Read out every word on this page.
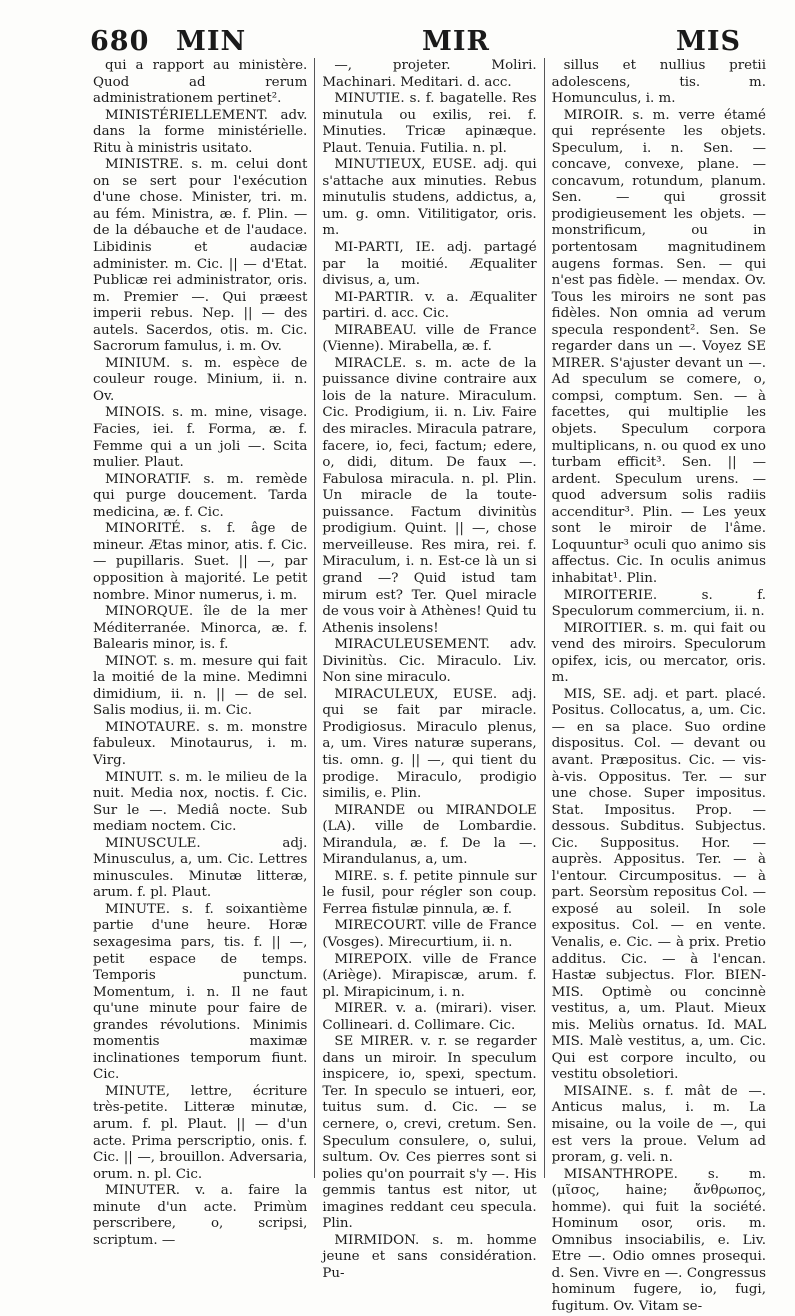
680 MIN	MIR	MIS

qui a rapport au ministère. Quod ad rerum administrationem pertinet².

MINISTÉRIELLEMENT. adv. dans la forme ministérielle. Ritu à ministris usitato.

MINISTRE. s. m. celui dont on se sert pour l'exécution d'une chose. Minister, tri. m. au fém. Ministra, æ. f. Plin. — de la débauche et de l'audace. Libidinis et audaciæ administer. m. Cic. || — d'Etat. Publicæ rei administrator, oris. m. Premier —. Qui præest imperii rebus. Nep. || — des autels. Sacerdos, otis. m. Cic. Sacrorum famulus, i. m. Ov.

MINIUM. s. m. espèce de couleur rouge. Minium, ii. n. Ov.

MINOIS. s. m. mine, visage. Facies, iei. f. Forma, æ. f. Femme qui a un joli —. Scita mulier. Plaut.

MINORATIF. s. m. remède qui purge doucement. Tarda medicina, æ. f. Cic.

MINORITÉ. s. f. âge de mineur. Ætas minor, atis. f. Cic. — pupillaris. Suet. || —, par opposition à majorité. Le petit nombre. Minor numerus, i. m.

MINORQUE. île de la mer Méditerranée. Minorca, æ. f. Balearis minor, is. f.

MINOT. s. m. mesure qui fait la moitié de la mine. Medimni dimidium, ii. n. || — de sel. Salis modius, ii. m. Cic.

MINOTAURE. s. m. monstre fabuleux. Minotaurus, i. m. Virg.

MINUIT. s. m. le milieu de la nuit. Media nox, noctis. f. Cic. Sur le —. Mediâ nocte. Sub mediam noctem. Cic.

MINUSCULE. adj. Minusculus, a, um. Cic. Lettres minuscules. Minutæ litteræ, arum. f. pl. Plaut.

MINUTE. s. f. soixantième partie d'une heure. Horæ sexagesima pars, tis. f. || —, petit espace de temps. Temporis punctum. Momentum, i. n. Il ne faut qu'une minute pour faire de grandes révolutions. Minimis momentis maximæ inclinationes temporum fiunt. Cic.

MINUTE, lettre, écriture très-petite. Litteræ minutæ, arum. f. pl. Plaut. || — d'un acte. Prima perscriptio, onis. f. Cic. || —, brouillon. Adversaria, orum. n. pl. Cic.

MINUTER. v. a. faire la minute d'un acte. Primùm perscribere, o, scripsi, scriptum. —

—, projeter. Moliri. Machinari. Meditari. d. acc.

MINUTIE. s. f. bagatelle. Res minutula ou exilis, rei. f. Minuties. Tricæ apinæque. Plaut. Tenuia. Futilia. n. pl.

MINUTIEUX, EUSE. adj. qui s'attache aux minuties. Rebus minutulis studens, addictus, a, um. g. omn. Vitilitigator, oris. m.

MI-PARTI, IE. adj. partagé par la moitié. Æqualiter divisus, a, um.

MI-PARTIR. v. a. Æqualiter partiri. d. acc. Cic.

MIRABEAU. ville de France (Vienne). Mirabella, æ. f.

MIRACLE. s. m. acte de la puissance divine contraire aux lois de la nature. Miraculum. Cic. Prodigium, ii. n. Liv. Faire des miracles. Miracula patrare, facere, io, feci, factum; edere, o, didi, ditum. De faux —. Fabulosa miracula. n. pl. Plin. Un miracle de la toute-puissance. Factum divinitùs prodigium. Quint. || —, chose merveilleuse. Res mira, rei. f. Miraculum, i. n. Est-ce là un si grand —? Quid istud tam mirum est? Ter. Quel miracle de vous voir à Athènes! Quid tu Athenis insolens!

MIRACULEUSEMENT. adv. Divinitùs. Cic. Miraculo. Liv. Non sine miraculo.

MIRACULEUX, EUSE. adj. qui se fait par miracle. Prodigiosus. Miraculo plenus, a, um. Vires naturæ superans, tis. omn. g. || —, qui tient du prodige. Miraculo, prodigio similis, e. Plin.

MIRANDE ou MIRANDOLE (LA). ville de Lombardie. Mirandula, æ. f. De la —. Mirandulanus, a, um.

MIRE. s. f. petite pinnule sur le fusil, pour régler son coup. Ferrea fistulæ pinnula, æ. f.

MIRECOURT. ville de France (Vosges). Mirecurtium, ii. n.

MIREPOIX. ville de France (Ariège). Mirapiscæ, arum. f. pl. Mirapicinum, i. n.

MIRER. v. a. (mirari). viser. Collineari. d. Collimare. Cic.

SE MIRER. v. r. se regarder dans un miroir. In speculum inspicere, io, spexi, spectum. Ter. In speculo se intueri, eor, tuitus sum. d. Cic. — se cernere, o, crevi, cretum. Sen. Speculum consulere, o, sului, sultum. Ov. Ces pierres sont si polies qu'on pourrait s'y —. His gemmis tantus est nitor, ut imagines reddant ceu specula. Plin.

MIRMIDON. s. m. homme jeune et sans considération. Pu-

sillus et nullius pretii adolescens, tis. m. Homunculus, i. m.

MIROIR. s. m. verre étamé qui représente les objets. Speculum, i. n. Sen. — concave, convexe, plane. — concavum, rotundum, planum. Sen. — qui grossit prodigieusement les objets. — monstrificum, ou in portentosam magnitudinem augens formas. Sen. — qui n'est pas fidèle. — mendax. Ov. Tous les miroirs ne sont pas fidèles. Non omnia ad verum specula respondent². Sen. Se regarder dans un —. Voyez SE MIRER. S'ajuster devant un —. Ad speculum se comere, o, compsi, comptum. Sen. — à facettes, qui multiplie les objets. Speculum corpora multiplicans, n. ou quod ex uno turbam efficit³. Sen. || — ardent. Speculum urens. — quod adversum solis radiis accenditur³. Plin. — Les yeux sont le miroir de l'âme. Loquuntur³ oculi quo animo sis affectus. Cic. In oculis animus inhabitat¹. Plin.

MIROITERIE. s. f. Speculorum commercium, ii. n.

MIROITIER. s. m. qui fait ou vend des miroirs. Speculorum opifex, icis, ou mercator, oris. m.

MIS, SE. adj. et part. placé. Positus. Collocatus, a, um. Cic. — en sa place. Suo ordine dispositus. Col. — devant ou avant. Præpositus. Cic. — vis-à-vis. Oppositus. Ter. — sur une chose. Super impositus. Stat. Impositus. Prop. — dessous. Subditus. Subjectus. Cic. Suppositus. Hor. — auprès. Appositus. Ter. — à l'entour. Circumpositus. — à part. Seorsùm repositus Col. — exposé au soleil. In sole expositus. Col. — en vente. Venalis, e. Cic. — à prix. Pretio additus. Cic. — à l'encan. Hastæ subjectus. Flor. BIEN-MIS. Optimè ou concinnè vestitus, a, um. Plaut. Mieux mis. Meliùs ornatus. Id. MAL MIS. Malè vestitus, a, um. Cic. Qui est corpore inculto, ou vestitu obsoletiori.

MISAINE. s. f. mât de —. Anticus malus, i. m. La misaine, ou la voile de —, qui est vers la proue. Velum ad proram, g. veli. n.

MISANTHROPE. s. m. (μῖσος, haine; ἄνθρωπος, homme). qui fuit la société. Hominum osor, oris. m. Omnibus insociabilis, e. Liv. Etre —. Odio omnes prosequi. d. Sen. Vivre en —. Congressus hominum fugere, io, fugi, fugitum. Ov. Vitam se-
